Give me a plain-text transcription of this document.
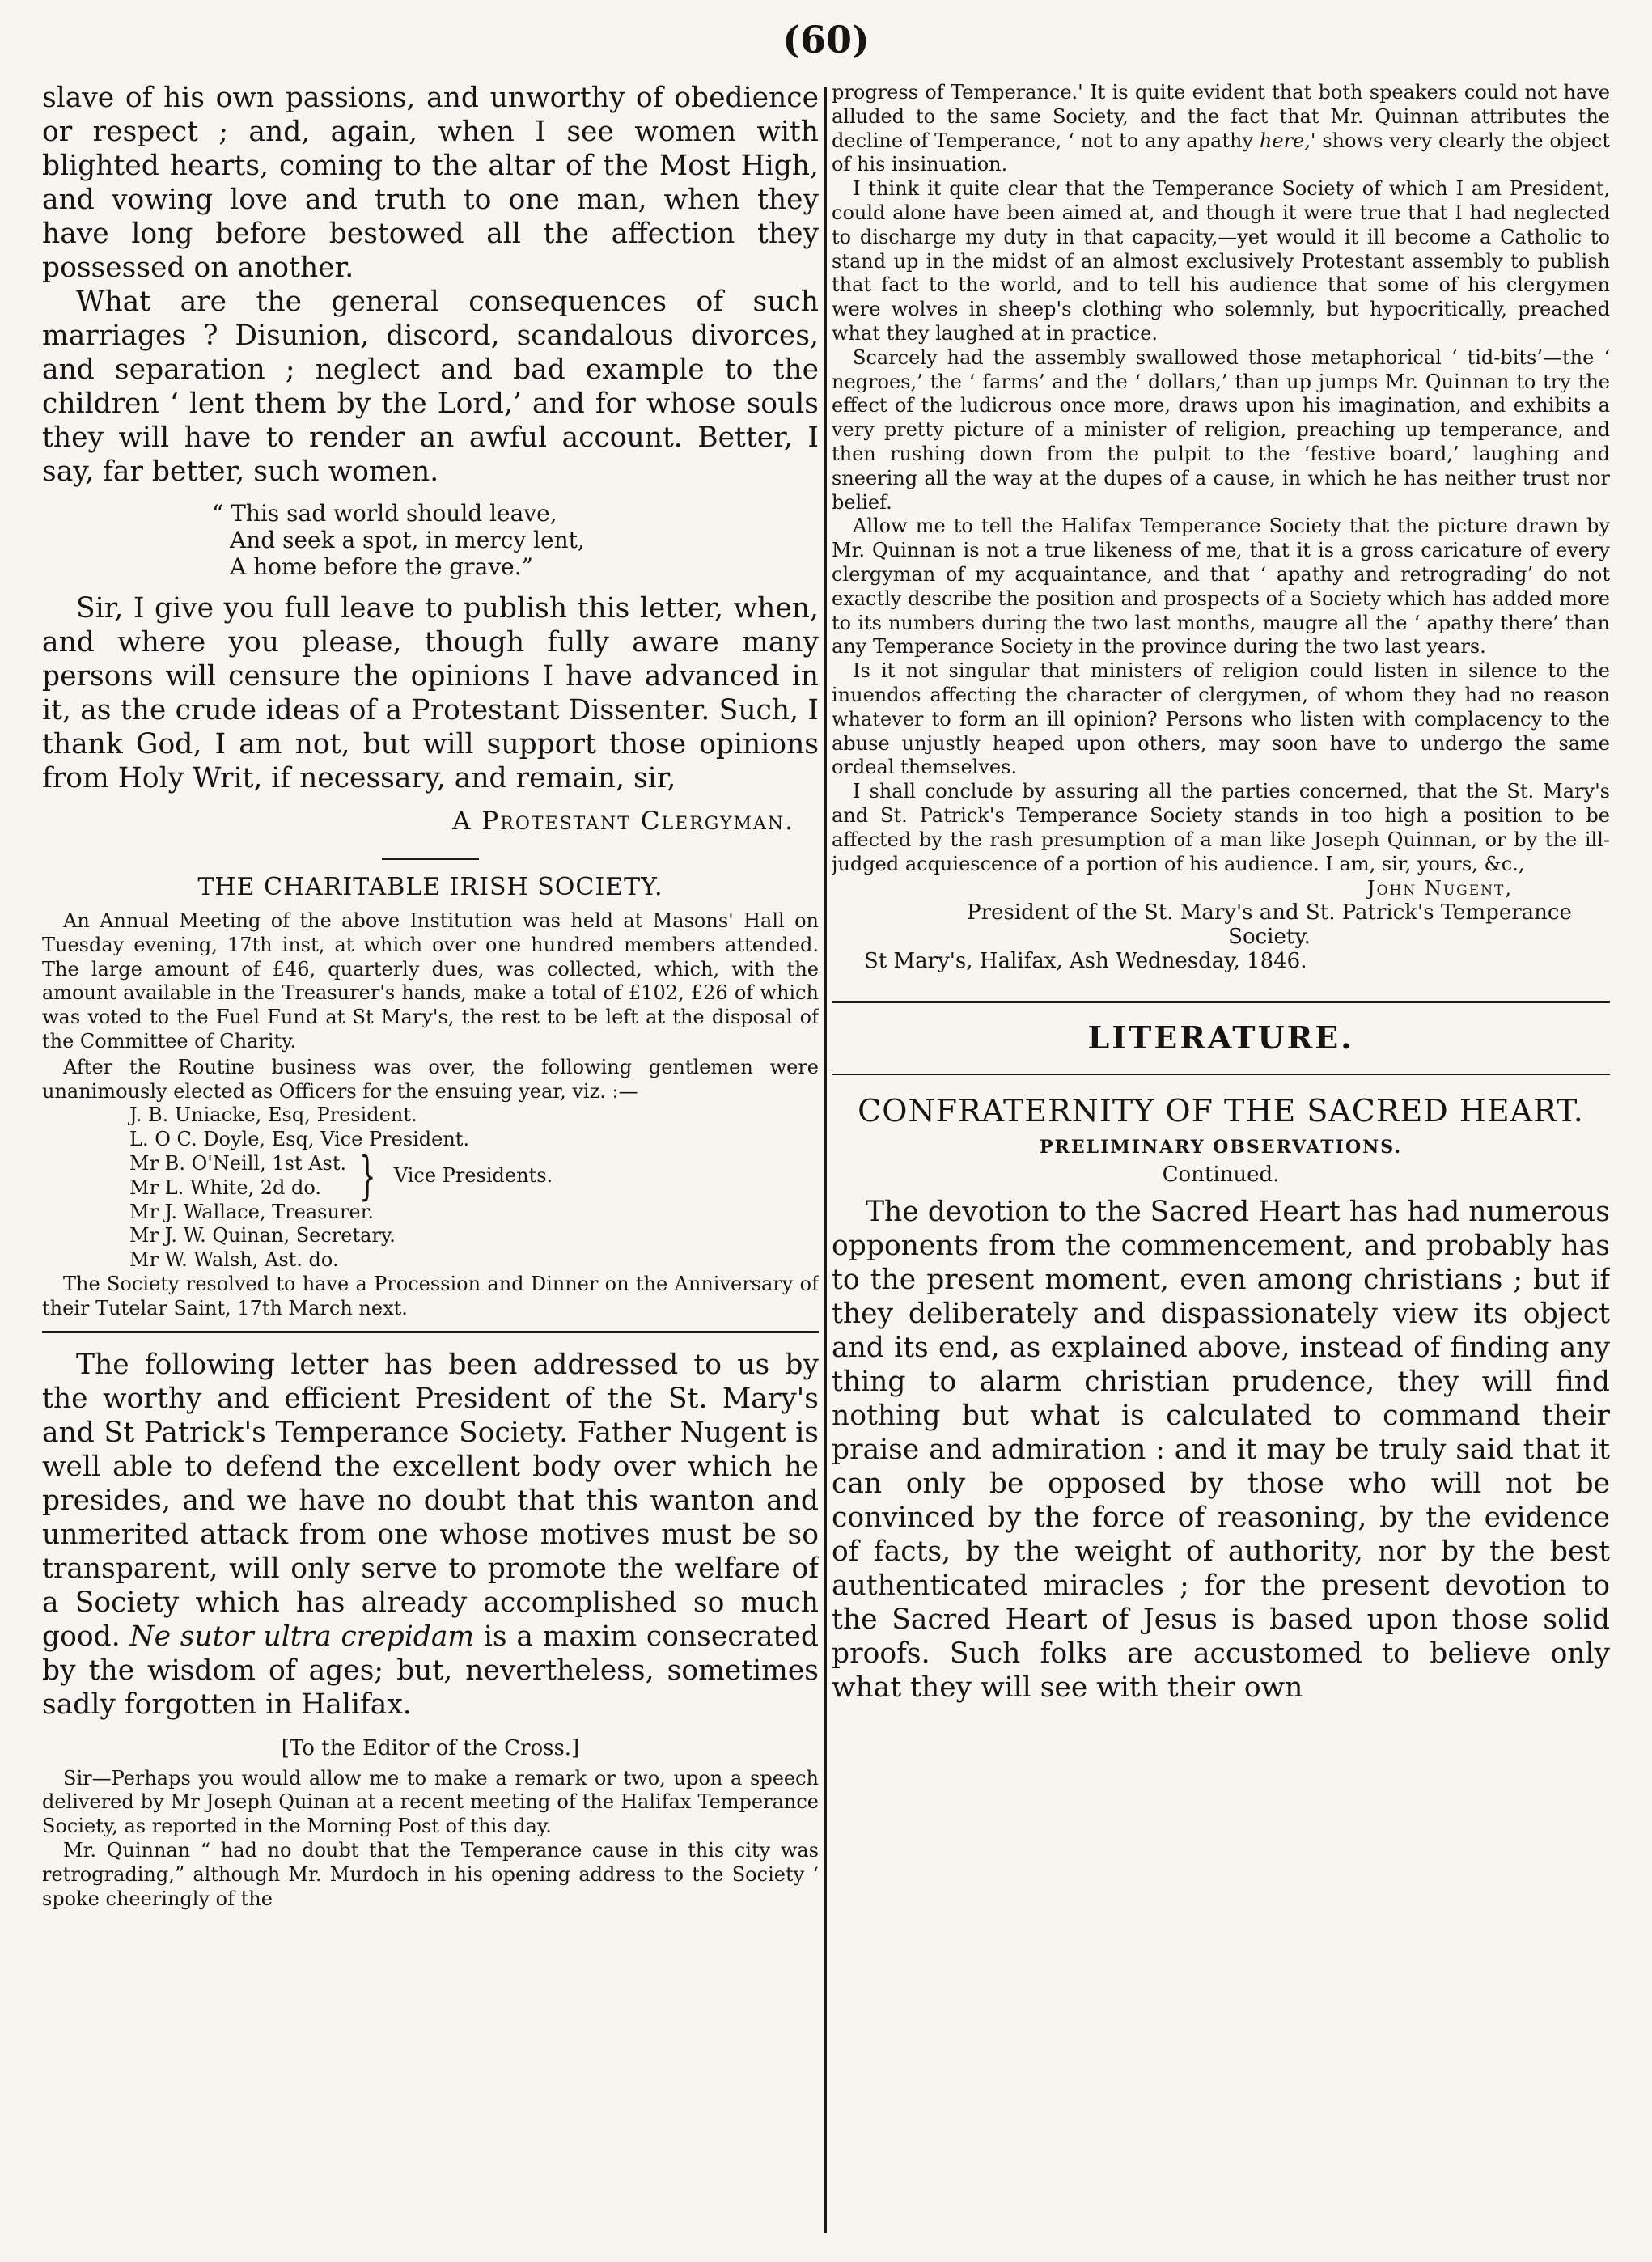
(60)

slave of his own passions, and unworthy of obedience or respect ; and, again, when I see women with blighted hearts, coming to the altar of the Most High, and vowing love and truth to one man, when they have long before bestowed all the affection they possessed on another.

What are the general consequences of such marriages ? Disunion, discord, scandalous divorces, and separation ; neglect and bad example to the children ‘ lent them by the Lord,’ and for whose souls they will have to render an awful account. Better, I say, far better, such women.

“ This sad world should leave,
And seek a spot, in mercy lent,
A home before the grave.”

Sir, I give you full leave to publish this letter, when, and where you please, though fully aware many persons will censure the opinions I have advanced in it, as the crude ideas of a Protestant Dissenter. Such, I thank God, I am not, but will support those opinions from Holy Writ, if necessary, and remain, sir,

A Protestant Clergyman.
THE CHARITABLE IRISH SOCIETY.

An Annual Meeting of the above Institution was held at Masons' Hall on Tuesday evening, 17th inst, at which over one hundred members attended. The large amount of £46, quarterly dues, was collected, which, with the amount available in the Treasurer's hands, make a total of £102, £26 of which was voted to the Fuel Fund at St Mary's, the rest to be left at the disposal of the Committee of Charity.

After the Routine business was over, the following gentlemen were unanimously elected as Officers for the ensuing year, viz. :—

J. B. Uniacke, Esq, President.
L. O C. Doyle, Esq, Vice President.
Mr B. O'Neill, 1st Ast.
Mr L. White, 2d do. } Vice Presidents.
Mr J. Wallace, Treasurer.
Mr J. W. Quinan, Secretary.
Mr W. Walsh, Ast. do.

The Society resolved to have a Procession and Dinner on the Anniversary of their Tutelar Saint, 17th March next.

The following letter has been addressed to us by the worthy and efficient President of the St. Mary's and St Patrick's Temperance Society. Father Nugent is well able to defend the excellent body over which he presides, and we have no doubt that this wanton and unmerited attack from one whose motives must be so transparent, will only serve to promote the welfare of a Society which has already accomplished so much good. Ne sutor ultra crepidam is a maxim consecrated by the wisdom of ages; but, nevertheless, sometimes sadly forgotten in Halifax.

[To the Editor of the Cross.]

Sir—Perhaps you would allow me to make a remark or two, upon a speech delivered by Mr Joseph Quinan at a recent meeting of the Halifax Temperance Society, as reported in the Morning Post of this day.

Mr. Quinnan “ had no doubt that the Temperance cause in this city was retrograding,” although Mr. Murdoch in his opening address to the Society ‘ spoke cheeringly of the

progress of Temperance.' It is quite evident that both speakers could not have alluded to the same Society, and the fact that Mr. Quinnan attributes the decline of Temperance, ‘ not to any apathy here,' shows very clearly the object of his insinuation.

I think it quite clear that the Temperance Society of which I am President, could alone have been aimed at, and though it were true that I had neglected to discharge my duty in that capacity,—yet would it ill become a Catholic to stand up in the midst of an almost exclusively Protestant assembly to publish that fact to the world, and to tell his audience that some of his clergymen were wolves in sheep's clothing who solemnly, but hypocritically, preached what they laughed at in practice.

Scarcely had the assembly swallowed those metaphorical ‘ tid-bits’—the ‘ negroes,’ the ‘ farms’ and the ‘ dollars,’ than up jumps Mr. Quinnan to try the effect of the ludicrous once more, draws upon his imagination, and exhibits a very pretty picture of a minister of religion, preaching up temperance, and then rushing down from the pulpit to the ‘festive board,’ laughing and sneering all the way at the dupes of a cause, in which he has neither trust nor belief.

Allow me to tell the Halifax Temperance Society that the picture drawn by Mr. Quinnan is not a true likeness of me, that it is a gross caricature of every clergyman of my acquaintance, and that ‘ apathy and retrograding’ do not exactly describe the position and prospects of a Society which has added more to its numbers during the two last months, maugre all the ‘ apathy there’ than any Temperance Society in the province during the two last years.

Is it not singular that ministers of religion could listen in silence to the inuendos affecting the character of clergymen, of whom they had no reason whatever to form an ill opinion? Persons who listen with complacency to the abuse unjustly heaped upon others, may soon have to undergo the same ordeal themselves.

I shall conclude by assuring all the parties concerned, that the St. Mary's and St. Patrick's Temperance Society stands in too high a position to be affected by the rash presumption of a man like Joseph Quinnan, or by the ill-judged acquiescence of a portion of his audience. I am, sir, yours, &c.,

John Nugent,
President of the St. Mary's and St. Patrick's Temperance Society.
St Mary's, Halifax, Ash Wednesday, 1846.
LITERATURE.
CONFRATERNITY OF THE SACRED HEART.
PRELIMINARY OBSERVATIONS.
Continued.

The devotion to the Sacred Heart has had numerous opponents from the commencement, and probably has to the present moment, even among christians ; but if they deliberately and dispassionately view its object and its end, as explained above, instead of finding any thing to alarm christian prudence, they will find nothing but what is calculated to command their praise and admiration : and it may be truly said that it can only be opposed by those who will not be convinced by the force of reasoning, by the evidence of facts, by the weight of authority, nor by the best authenticated miracles ; for the present devotion to the Sacred Heart of Jesus is based upon those solid proofs. Such folks are accustomed to believe only what they will see with their own
